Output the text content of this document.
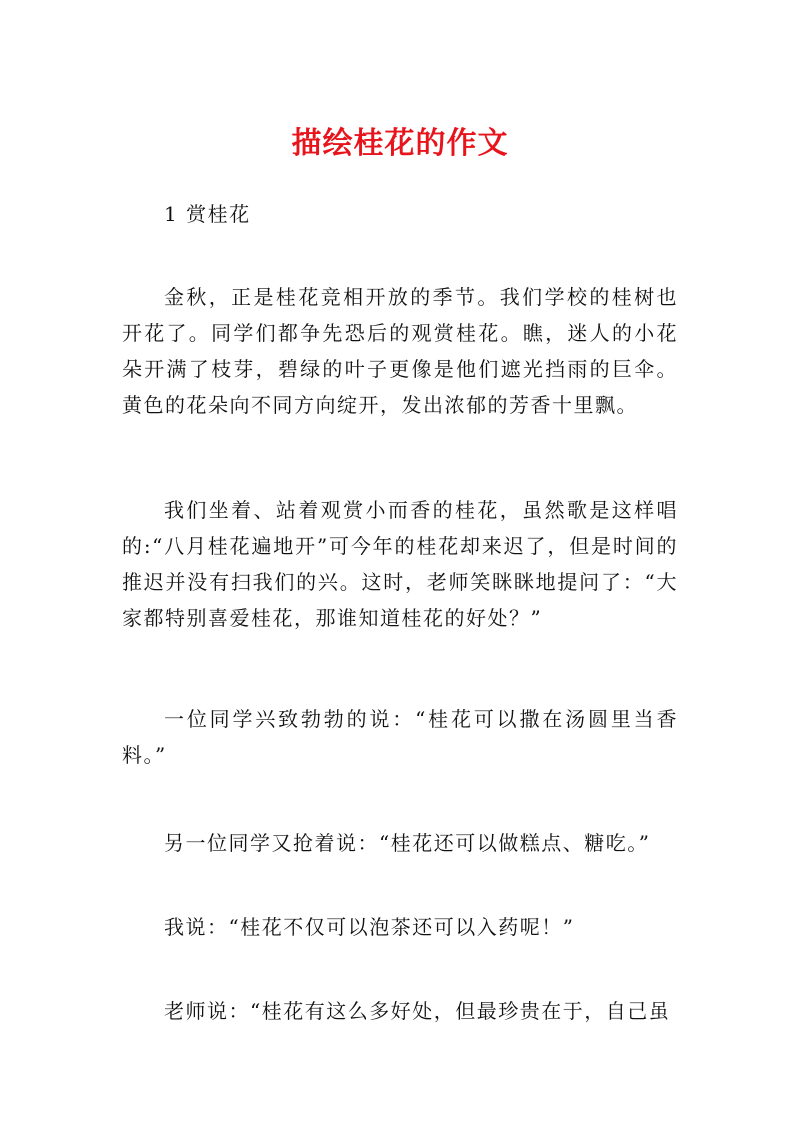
描绘桂花的作文

1 赏桂花

金秋，正是桂花竞相开放的季节。我们学校的桂树也开花了。同学们都争先恐后的观赏桂花。瞧，迷人的小花朵开满了枝芽，碧绿的叶子更像是他们遮光挡雨的巨伞。黄色的花朵向不同方向绽开，发出浓郁的芳香十里飘。

我们坐着、站着观赏小而香的桂花，虽然歌是这样唱的:“八月桂花遍地开”可今年的桂花却来迟了，但是时间的推迟并没有扫我们的兴。这时，老师笑眯眯地提问了：“大家都特别喜爱桂花，那谁知道桂花的好处？”

一位同学兴致勃勃的说：“桂花可以撒在汤圆里当香料。”

另一位同学又抢着说：“桂花还可以做糕点、糖吃。”

我说：“桂花不仅可以泡茶还可以入药呢！”

老师说：“桂花有这么多好处，但最珍贵在于，自己虽
